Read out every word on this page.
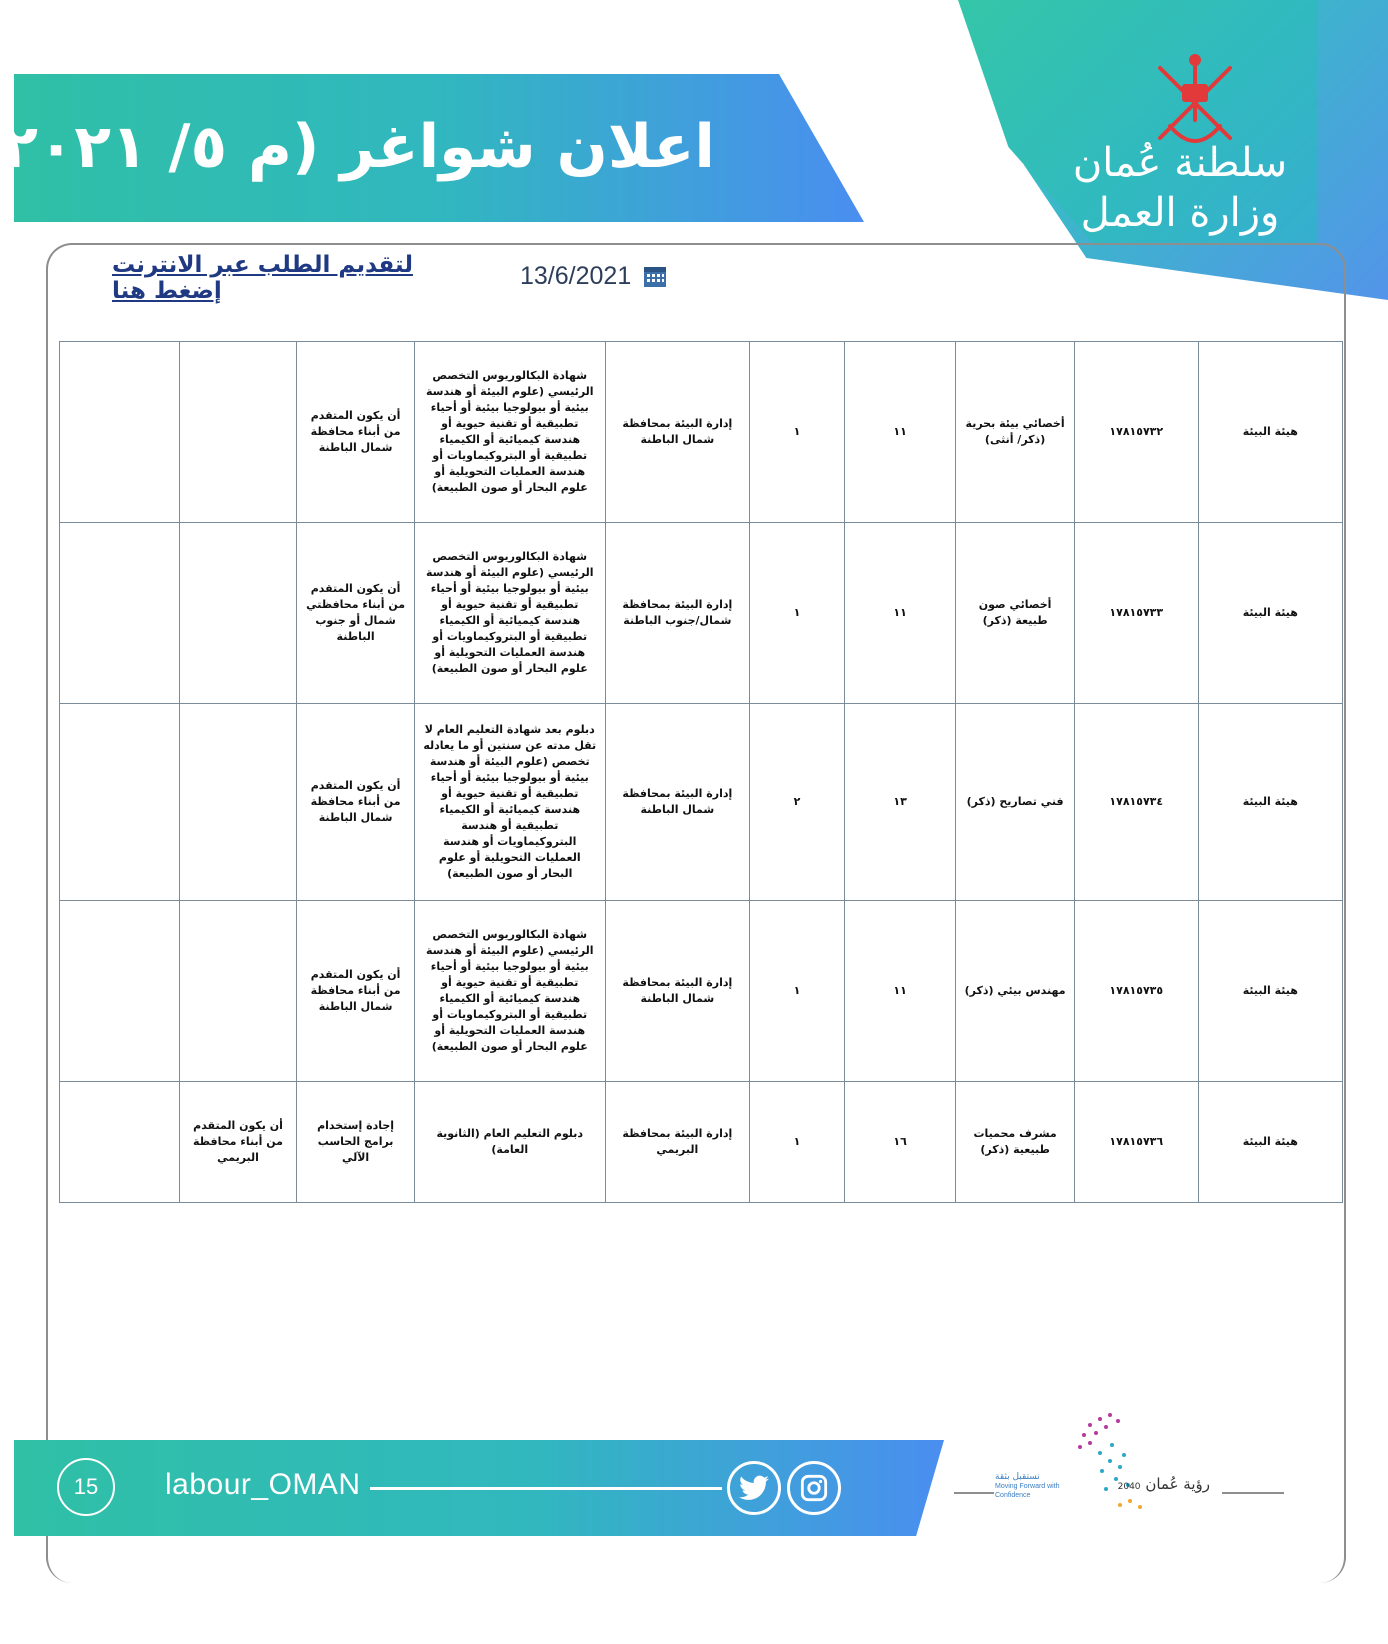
سلطنة عُمان
وزارة العمل
اعلان شواغر (م ٥/ ٢٠٢١
13/6/2021
لتقديم الطلب عبر الانترنت إضغط هنا
هيئة البيئة	١٧٨١٥٧٣٢	أخصائي بيئة بحرية (ذكر/ أنثى)	١١	١	إدارة البيئة بمحافظة شمال الباطنة	شهادة البكالوريوس التخصص الرئيسي (علوم البيئة أو هندسة بيئية أو بيولوجيا بيئية أو أحياء تطبيقية أو تقنية حيوية أو هندسة كيميائية أو الكيمياء تطبيقية أو البتروكيماويات أو هندسة العمليات التحويلية أو علوم البحار أو صون الطبيعة)	أن يكون المتقدم من أبناء محافظة شمال الباطنة		
هيئة البيئة	١٧٨١٥٧٣٣	أخصائي صون طبيعة (ذكر)	١١	١	إدارة البيئة بمحافظة شمال/جنوب الباطنة	شهادة البكالوريوس التخصص الرئيسي (علوم البيئة أو هندسة بيئية أو بيولوجيا بيئية أو أحياء تطبيقية أو تقنية حيوية أو هندسة كيميائية أو الكيمياء تطبيقية أو البتروكيماويات أو هندسة العمليات التحويلية أو علوم البحار أو صون الطبيعة)	أن يكون المتقدم من أبناء محافظتي شمال أو جنوب الباطنة		
هيئة البيئة	١٧٨١٥٧٣٤	فني تصاريح (ذكر)	١٣	٢	إدارة البيئة بمحافظة شمال الباطنة	دبلوم بعد شهادة التعليم العام لا تقل مدته عن سنتين أو ما يعادله تخصص (علوم البيئة أو هندسة بيئية أو بيولوجيا بيئية أو أحياء تطبيقية أو تقنية حيوية أو هندسة كيميائية أو الكيمياء تطبيقية أو هندسة البتروكيماويات أو هندسة العمليات التحويلية أو علوم البحار أو صون الطبيعة)	أن يكون المتقدم من أبناء محافظة شمال الباطنة		
هيئة البيئة	١٧٨١٥٧٣٥	مهندس بيئي (ذكر)	١١	١	إدارة البيئة بمحافظة شمال الباطنة	شهادة البكالوريوس التخصص الرئيسي (علوم البيئة أو هندسة بيئية أو بيولوجيا بيئية أو أحياء تطبيقية أو تقنية حيوية أو هندسة كيميائية أو الكيمياء تطبيقية أو البتروكيماويات أو هندسة العمليات التحويلية أو علوم البحار أو صون الطبيعة)	أن يكون المتقدم من أبناء محافظة شمال الباطنة		
هيئة البيئة	١٧٨١٥٧٣٦	مشرف محميات طبيعية (ذكر)	١٦	١	إدارة البيئة بمحافظة البريمي	دبلوم التعليم العام (الثانوية العامة)	إجادة إستخدام برامج الحاسب الآلي	أن يكون المتقدم من أبناء محافظة البريمي	
15	labour_OMAN	رؤية عُمان 2040
نستقبل بثقة
Moving Forward with Confidence
